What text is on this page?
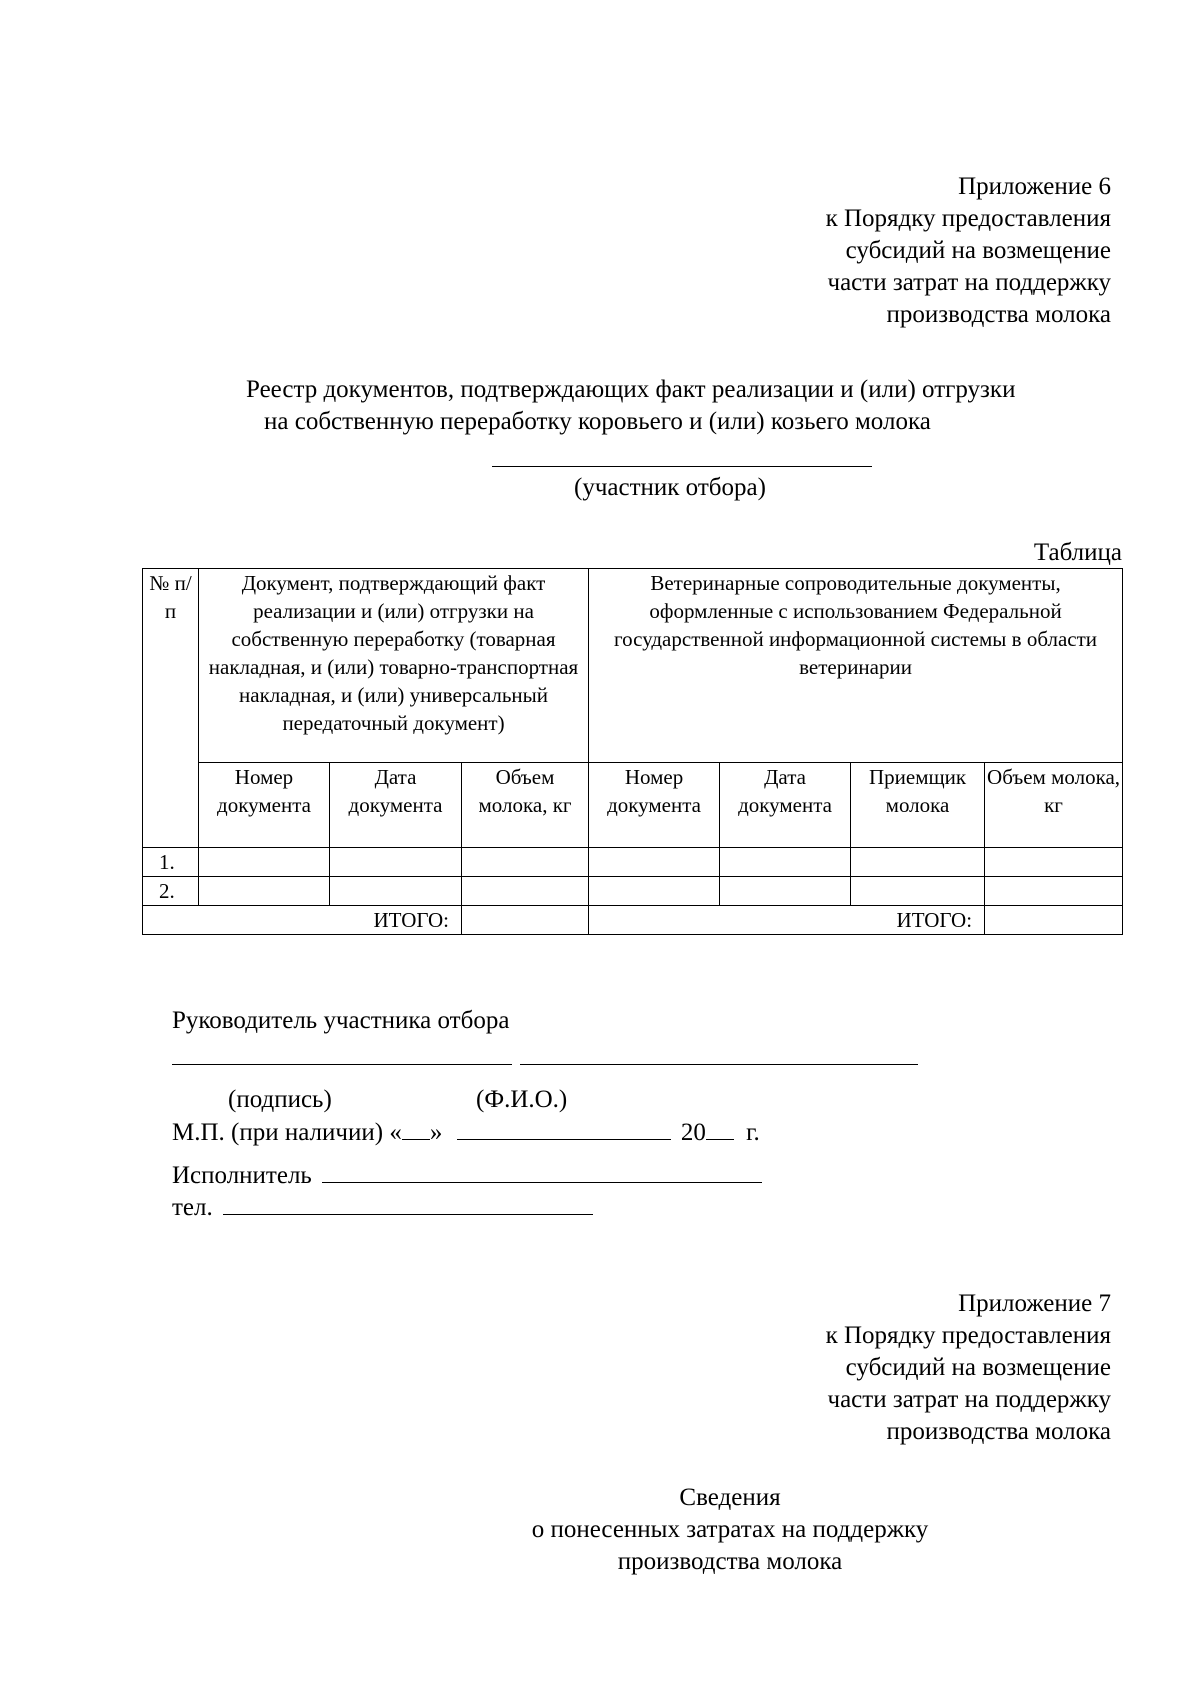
Приложение 6
к Порядку предоставления
субсидий на возмещение
части затрат на поддержку
производства молока
Реестр документов, подтверждающих факт реализации и (или) отгрузки
на собственную переработку коровьего и (или) козьего молока
(участник отбора)
Таблица
№ п/п	Документ, подтверждающий факт реализации и (или) отгрузки на собственную переработку (товарная накладная, и (или) товарно-транспортная накладная, и (или) универсальный передаточный документ)			Ветеринарные сопроводительные документы, оформленные с использованием Федеральной государственной информационной системы в области ветеринарии			
	Номер документа	Дата документа	Объем молока, кг	Номер документа	Дата документа	Приемщик молока	Объем молока, кг
1.							
2.							
ИТОГО:				ИТОГО:			
Руководитель участника отбора
(подпись)	(Ф.И.О.)
М.П. (при наличии) « »	20 г.
Исполнитель
тел.
Приложение 7
к Порядку предоставления
субсидий на возмещение
части затрат на поддержку
производства молока
Сведения
о понесенных затратах на поддержку
производства молока
